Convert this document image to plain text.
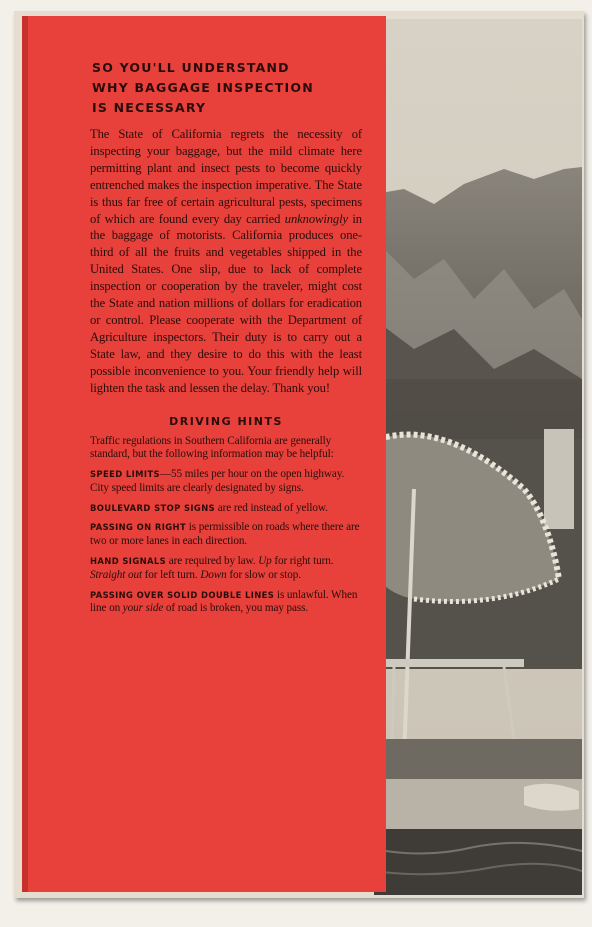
SO YOU'LL UNDERSTAND
WHY BAGGAGE INSPECTION
IS NECESSARY

The State of California regrets the necessity of inspecting your baggage, but the mild climate here permitting plant and insect pests to become quickly entrenched makes the inspection imperative. The State is thus far free of certain agricultural pests, specimens of which are found every day carried unknowingly in the baggage of motorists. California produces one-third of all the fruits and vegetables shipped in the United States. One slip, due to lack of complete inspection or cooperation by the traveler, might cost the State and nation millions of dollars for eradication or control. Please cooperate with the Department of Agriculture inspectors. Their duty is to carry out a State law, and they desire to do this with the least possible inconvenience to you. Your friendly help will lighten the task and lessen the delay. Thank you!

DRIVING HINTS

Traffic regulations in Southern California are generally standard, but the following information may be helpful:

SPEED LIMITS—55 miles per hour on the open highway. City speed limits are clearly designated by signs.

BOULEVARD STOP SIGNS are red instead of yellow.

PASSING ON RIGHT is permissible on roads where there are two or more lanes in each direction.

HAND SIGNALS are required by law. Up for right turn. Straight out for left turn. Down for slow or stop.

PASSING OVER SOLID DOUBLE LINES is unlawful. When line on your side of road is broken, you may pass.
